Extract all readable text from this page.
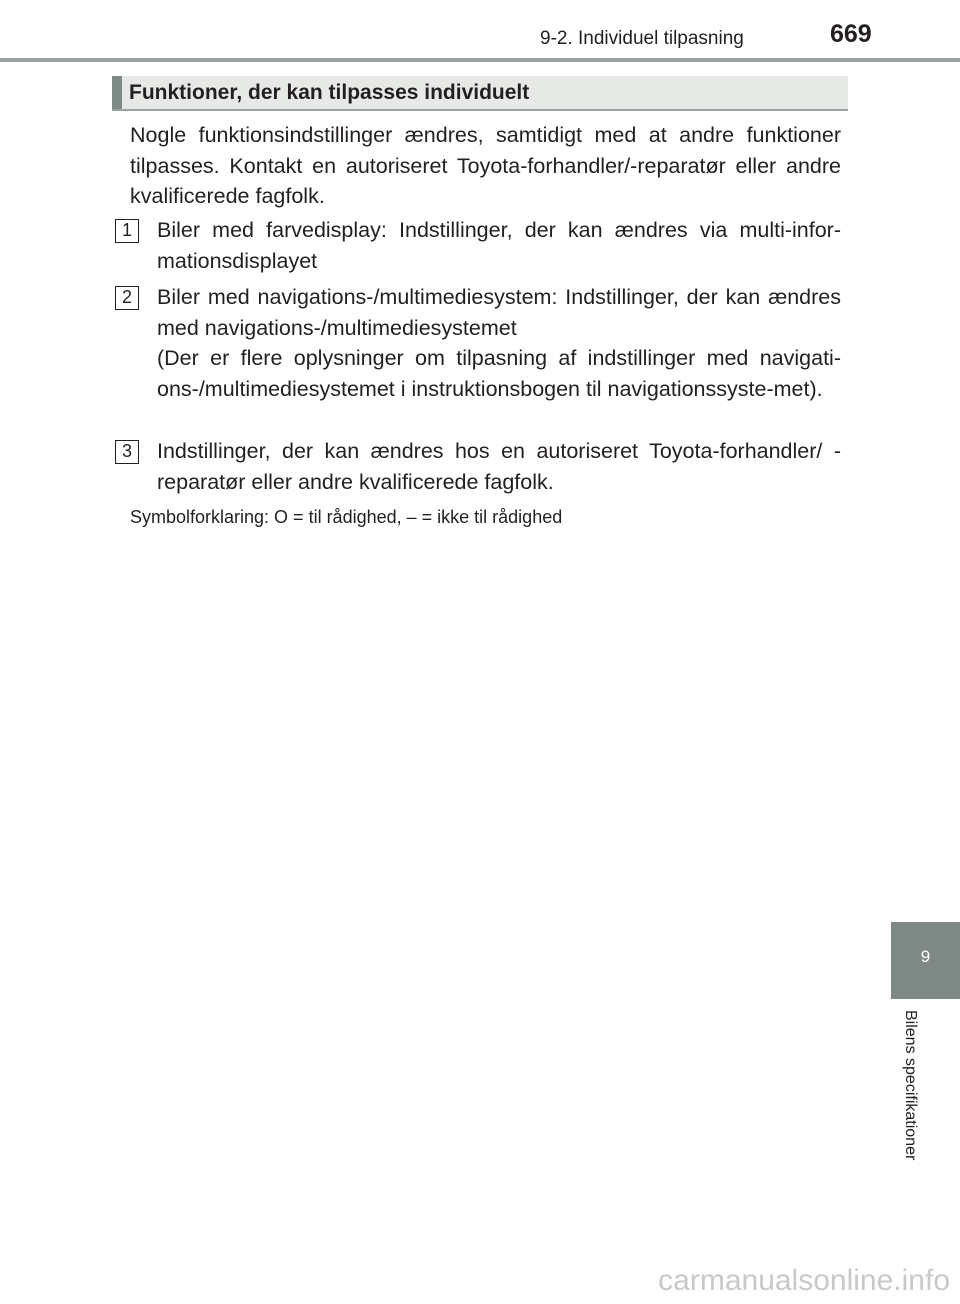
9-2. Individuel tilpasning	669
Funktioner, der kan tilpasses individuelt
Nogle funktionsindstillinger ændres, samtidigt med at andre funktioner tilpasses. Kontakt en autoriseret Toyota-forhandler/-reparatør eller andre kvalificerede fagfolk.
1	Biler med farvedisplay: Indstillinger, der kan ændres via multi-infor-mationsdisplayet
2	Biler med navigations-/multimediesystem: Indstillinger, der kan ændres med navigations-/multimediesystemet
(Der er flere oplysninger om tilpasning af indstillinger med navigati-ons-/multimediesystemet i instruktionsbogen til navigationssyste-met).
3	Indstillinger, der kan ændres hos en autoriseret Toyota-forhandler/ -reparatør eller andre kvalificerede fagfolk.
Symbolforklaring: O = til rådighed, – = ikke til rådighed
9
Bilens specifikationer
carmanualsonline.info
